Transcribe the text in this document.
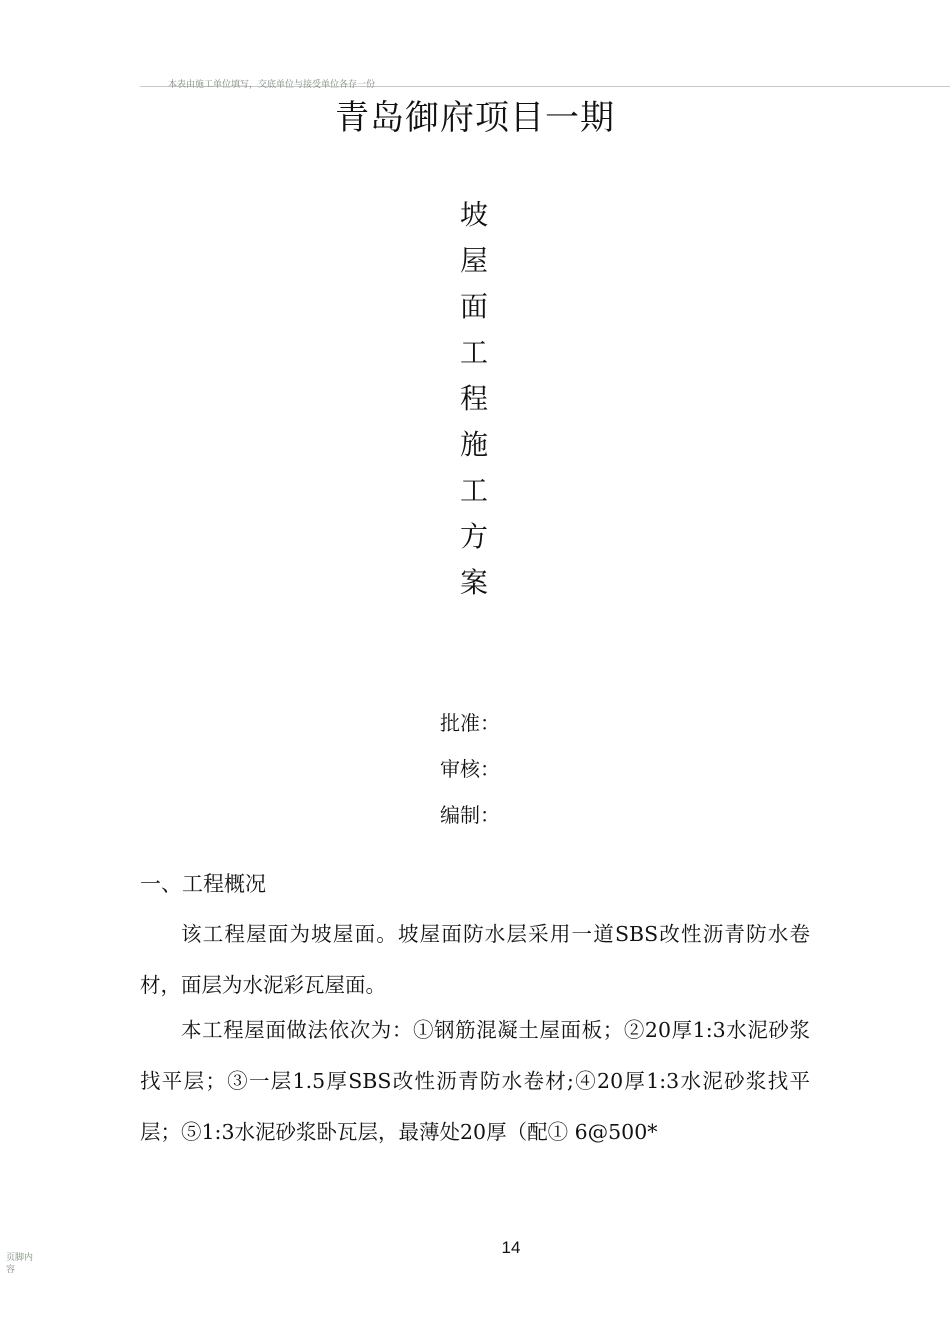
本表由施工单位填写，交底单位与接受单位各存一份
青岛御府项目一期
坡
屋
面
工
程
施
工
方
案
批准：
审核：
编制：
一、工程概况
该工程屋面为坡屋面。坡屋面防水层采用一道SBS改性沥青防水卷材，面层为水泥彩瓦屋面。
本工程屋面做法依次为：①钢筋混凝土屋面板；②20厚1:3水泥砂浆找平层；③一层1.5厚SBS改性沥青防水卷材;④20厚1:3水泥砂浆找平层；⑤1:3水泥砂浆卧瓦层，最薄处20厚（配① 6@500*
14
页脚内容
